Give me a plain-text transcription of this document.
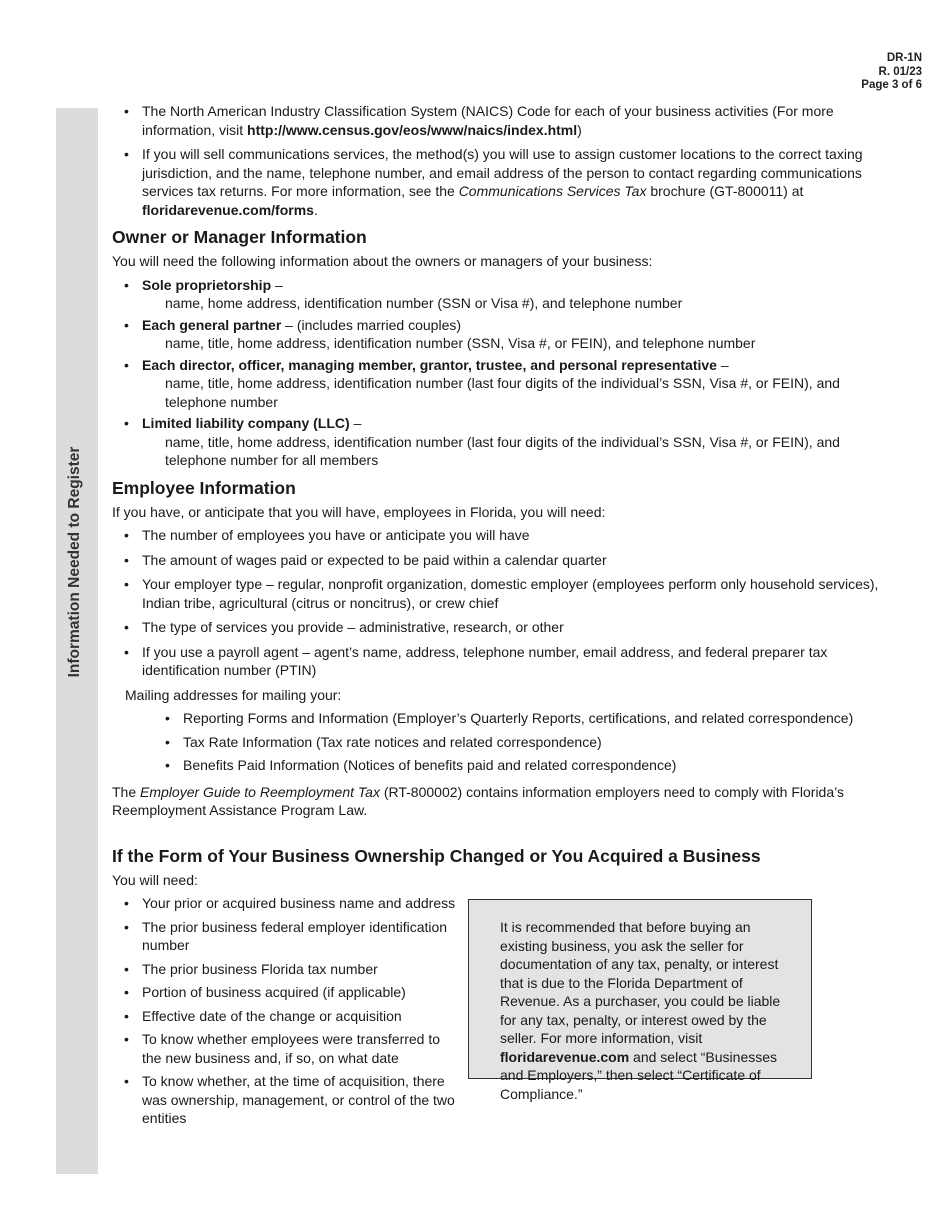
DR-1N
R. 01/23
Page 3 of 6
Information Needed to Register
• The North American Industry Classification System (NAICS) Code for each of your business activities (For more information, visit http://www.census.gov/eos/www/naics/index.html)
• If you will sell communications services, the method(s) you will use to assign customer locations to the correct taxing jurisdiction, and the name, telephone number, and email address of the person to contact regarding communications services tax returns. For more information, see the Communications Services Tax brochure (GT-800011) at floridarevenue.com/forms.
Owner or Manager Information

You will need the following information about the owners or managers of your business:

• Sole proprietorship –
name, home address, identification number (SSN or Visa #), and telephone number
• Each general partner – (includes married couples)
name, title, home address, identification number (SSN, Visa #, or FEIN), and telephone number
• Each director, officer, managing member, grantor, trustee, and personal representative –
name, title, home address, identification number (last four digits of the individual’s SSN, Visa #, or FEIN), and telephone number
• Limited liability company (LLC) –
name, title, home address, identification number (last four digits of the individual’s SSN, Visa #, or FEIN), and telephone number for all members
Employee Information

If you have, or anticipate that you will have, employees in Florida, you will need:

• The number of employees you have or anticipate you will have
• The amount of wages paid or expected to be paid within a calendar quarter
• Your employer type – regular, nonprofit organization, domestic employer (employees perform only household services), Indian tribe, agricultural (citrus or noncitrus), or crew chief
• The type of services you provide – administrative, research, or other
• If you use a payroll agent – agent’s name, address, telephone number, email address, and federal preparer tax identification number (PTIN)

Mailing addresses for mailing your:

• Reporting Forms and Information (Employer’s Quarterly Reports, certifications, and related correspondence)
• Tax Rate Information (Tax rate notices and related correspondence)
• Benefits Paid Information (Notices of benefits paid and related correspondence)

The Employer Guide to Reemployment Tax (RT-800002) contains information employers need to comply with Florida’s Reemployment Assistance Program Law.

If the Form of Your Business Ownership Changed or You Acquired a Business

You will need:

• Your prior or acquired business name and address
• The prior business federal employer identification number
• The prior business Florida tax number
• Portion of business acquired (if applicable)
• Effective date of the change or acquisition
• To know whether employees were transferred to the new business and, if so, on what date
• To know whether, at the time of acquisition, there was ownership, management, or control of the two entities
It is recommended that before buying an existing business, you ask the seller for documentation of any tax, penalty, or interest that is due to the Florida Department of Revenue. As a purchaser, you could be liable for any tax, penalty, or interest owed by the seller. For more information, visit floridarevenue.com and select “Businesses and Employers,” then select “Certificate of Compliance.”
